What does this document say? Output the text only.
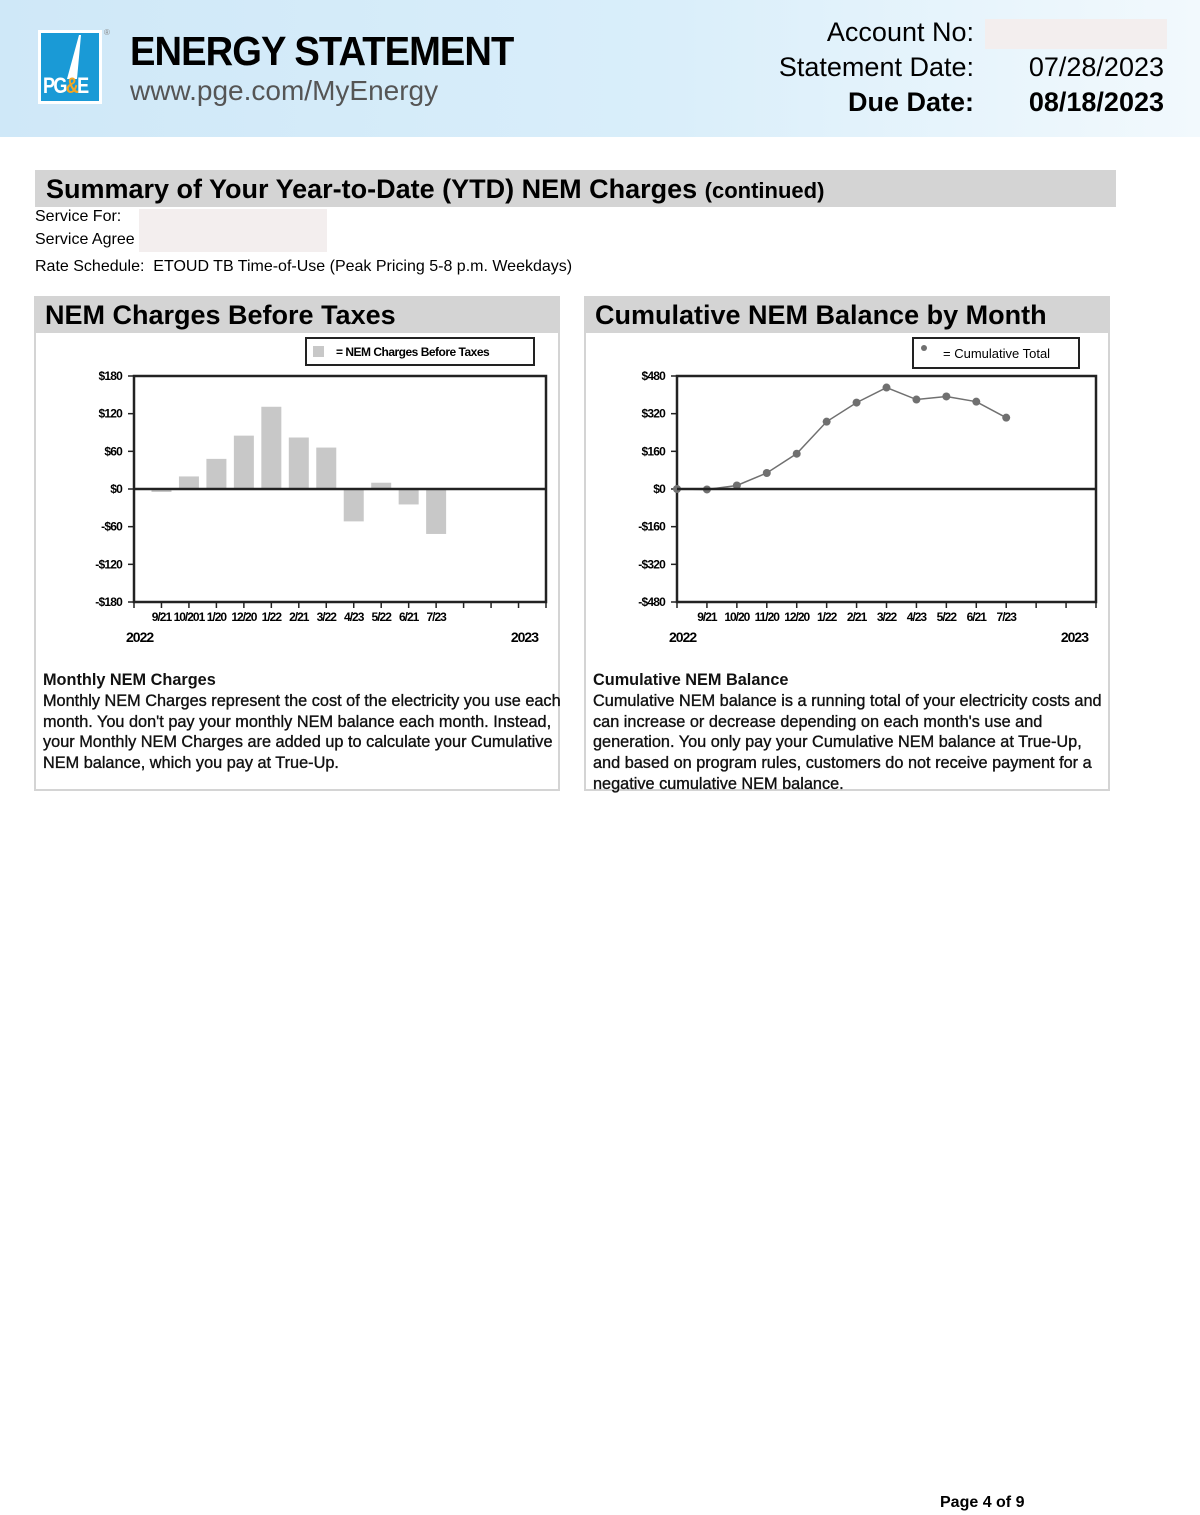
PG&E
® ENERGY STATEMENT
www.pge.com/MyEnergy
Account No:
Statement Date: 07/28/2023
Due Date: 08/18/2023
Summary of Your Year-to-Date (YTD) NEM Charges (continued)
Service For:
Service Agree
Rate Schedule: ETOUD TB Time-of-Use (Peak Pricing 5-8 p.m. Weekdays)
NEM Charges Before Taxes
= NEM Charges Before Taxes
$180
$120
$60
$0
-$60
-$120
-$180
9/21 10/201 1/20 12/20 1/22 2/21 3/22 4/23 5/22 6/21 7/23
2022	2023
Monthly NEM Charges
Monthly NEM Charges represent the cost of the electricity you use each month. You don't pay your monthly NEM balance each month. Instead, your Monthly NEM Charges are added up to calculate your Cumulative NEM balance, which you pay at True-Up.
Cumulative NEM Balance by Month
= Cumulative Total
$480
$320
$160
$0
-$160
-$320
-$480
9/21 10/20 11/20 12/20 1/22 2/21 3/22 4/23 5/22 6/21 7/23
2022	2023
Cumulative NEM Balance
Cumulative NEM balance is a running total of your electricity costs and can increase or decrease depending on each month's use and generation. You only pay your Cumulative NEM balance at True-Up, and based on program rules, customers do not receive payment for a negative cumulative NEM balance.
Page 4 of 9
